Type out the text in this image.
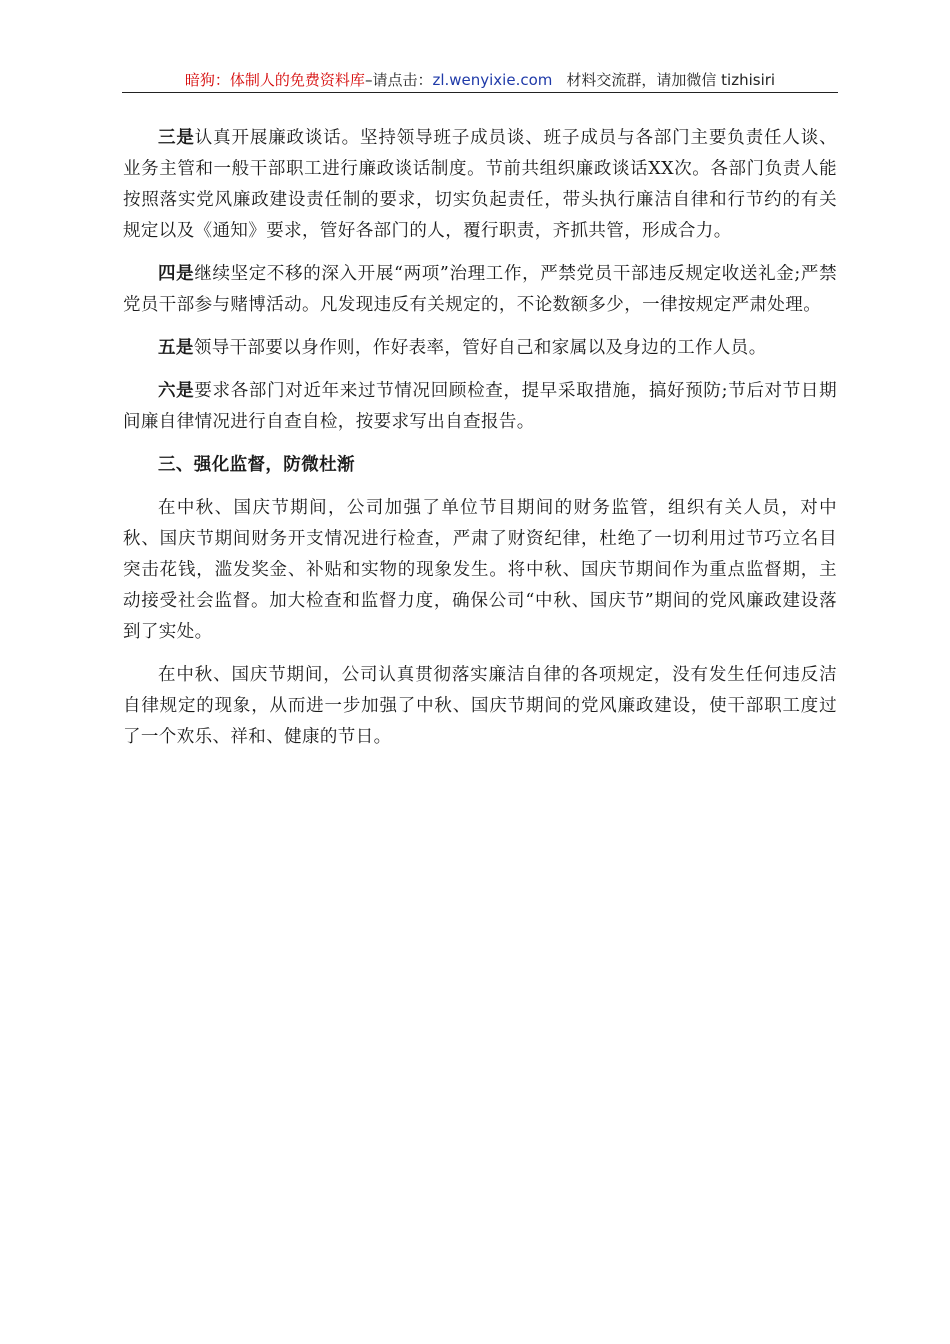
暗狗：体制人的免费资料库–请点击：zl.wenyixie.com 材料交流群，请加微信 tizhisiri

三是认真开展廉政谈话。坚持领导班子成员谈、班子成员与各部门主要负责任人谈、业务主管和一般干部职工进行廉政谈话制度。节前共组织廉政谈话XX次。各部门负责人能按照落实党风廉政建设责任制的要求，切实负起责任，带头执行廉洁自律和行节约的有关规定以及《通知》要求，管好各部门的人，覆行职责，齐抓共管，形成合力。

四是继续坚定不移的深入开展“两项”治理工作，严禁党员干部违反规定收送礼金;严禁党员干部参与赌博活动。凡发现违反有关规定的，不论数额多少，一律按规定严肃处理。

五是领导干部要以身作则，作好表率，管好自己和家属以及身边的工作人员。

六是要求各部门对近年来过节情况回顾检查，提早采取措施，搞好预防;节后对节日期间廉自律情况进行自查自检，按要求写出自查报告。

三、强化监督，防微杜渐

在中秋、国庆节期间，公司加强了单位节目期间的财务监管，组织有关人员，对中秋、国庆节期间财务开支情况进行检查，严肃了财资纪律，杜绝了一切利用过节巧立名目突击花钱，滥发奖金、补贴和实物的现象发生。将中秋、国庆节期间作为重点监督期，主动接受社会监督。加大检查和监督力度，确保公司“中秋、国庆节”期间的党风廉政建设落到了实处。

在中秋、国庆节期间，公司认真贯彻落实廉洁自律的各项规定，没有发生任何违反洁自律规定的现象，从而进一步加强了中秋、国庆节期间的党风廉政建设，使干部职工度过了一个欢乐、祥和、健康的节日。
